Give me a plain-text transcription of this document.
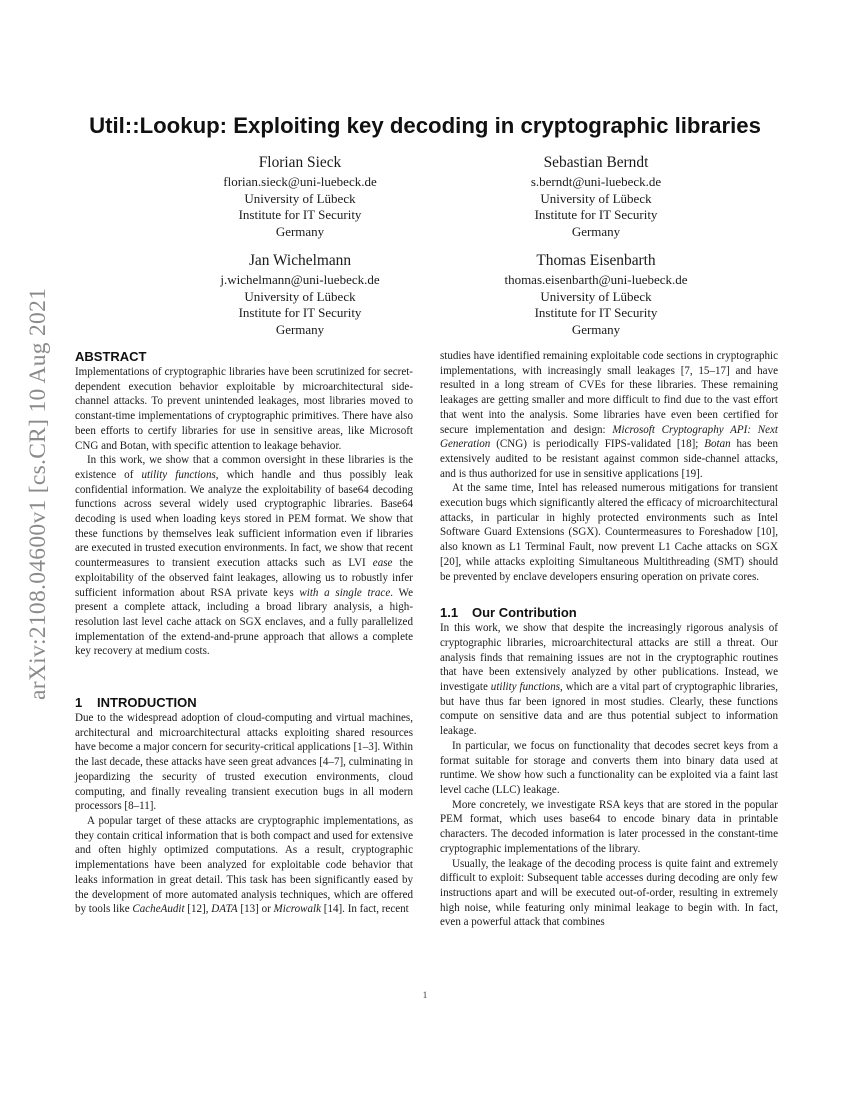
arXiv:2108.04600v1 [cs.CR] 10 Aug 2021
Util::Lookup: Exploiting key decoding in cryptographic libraries
Florian Sieck
florian.sieck@uni-luebeck.de
University of Lübeck
Institute for IT Security
Germany
Sebastian Berndt
s.berndt@uni-luebeck.de
University of Lübeck
Institute for IT Security
Germany
Jan Wichelmann
j.wichelmann@uni-luebeck.de
University of Lübeck
Institute for IT Security
Germany
Thomas Eisenbarth
thomas.eisenbarth@uni-luebeck.de
University of Lübeck
Institute for IT Security
Germany
ABSTRACT

Implementations of cryptographic libraries have been scrutinized for secret-dependent execution behavior exploitable by microarchitectural side-channel attacks. To prevent unintended leakages, most libraries moved to constant-time implementations of cryptographic primitives. There have also been efforts to certify libraries for use in sensitive areas, like Microsoft CNG and Botan, with specific attention to leakage behavior.

In this work, we show that a common oversight in these libraries is the existence of utility functions, which handle and thus possibly leak confidential information. We analyze the exploitability of base64 decoding functions across several widely used cryptographic libraries. Base64 decoding is used when loading keys stored in PEM format. We show that these functions by themselves leak sufficient information even if libraries are executed in trusted execution environments. In fact, we show that recent countermeasures to transient execution attacks such as LVI ease the exploitability of the observed faint leakages, allowing us to robustly infer sufficient information about RSA private keys with a single trace. We present a complete attack, including a broad library analysis, a high-resolution last level cache attack on SGX enclaves, and a fully parallelized implementation of the extend-and-prune approach that allows a complete key recovery at medium costs.

1 INTRODUCTION

Due to the widespread adoption of cloud-computing and virtual machines, architectural and microarchitectural attacks exploiting shared resources have become a major concern for security-critical applications [1–3]. Within the last decade, these attacks have seen great advances [4–7], culminating in jeopardizing the security of trusted execution environments, cloud computing, and finally revealing transient execution bugs in all modern processors [8–11].

A popular target of these attacks are cryptographic implementations, as they contain critical information that is both compact and used for extensive and often highly optimized computations. As a result, cryptographic implementations have been analyzed for exploitable code behavior that leaks information in great detail. This task has been significantly eased by the development of more automated analysis techniques, which are offered by tools like CacheAudit [12], DATA [13] or Microwalk [14]. In fact, recent

studies have identified remaining exploitable code sections in cryptographic implementations, with increasingly small leakages [7, 15–17] and have resulted in a long stream of CVEs for these libraries. These remaining leakages are getting smaller and more difficult to find due to the vast effort that went into the analysis. Some libraries have even been certified for secure implementation and design: Microsoft Cryptography API: Next Generation (CNG) is periodically FIPS-validated [18]; Botan has been extensively audited to be resistant against common side-channel attacks, and is thus authorized for use in sensitive applications [19].

At the same time, Intel has released numerous mitigations for transient execution bugs which significantly altered the efficacy of microarchitectural attacks, in particular in highly protected environments such as Intel Software Guard Extensions (SGX). Countermeasures to Foreshadow [10], also known as L1 Terminal Fault, now prevent L1 Cache attacks on SGX [20], while attacks exploiting Simultaneous Multithreading (SMT) should be prevented by enclave developers ensuring operation on private cores.

1.1 Our Contribution

In this work, we show that despite the increasingly rigorous analysis of cryptographic libraries, microarchitectural attacks are still a threat. Our analysis finds that remaining issues are not in the cryptographic routines that have been extensively analyzed by other publications. Instead, we investigate utility functions, which are a vital part of cryptographic libraries, but have thus far been ignored in most studies. Clearly, these functions compute on sensitive data and are thus potential subject to information leakage.

In particular, we focus on functionality that decodes secret keys from a format suitable for storage and converts them into binary data used at runtime. We show how such a functionality can be exploited via a faint last level cache (LLC) leakage.

More concretely, we investigate RSA keys that are stored in the popular PEM format, which uses base64 to encode binary data in printable characters. The decoded information is later processed in the constant-time cryptographic implementations of the library.

Usually, the leakage of the decoding process is quite faint and extremely difficult to exploit: Subsequent table accesses during decoding are only few instructions apart and will be executed out-of-order, resulting in extremely high noise, while featuring only minimal leakage to begin with. In fact, even a powerful attack that combines

1
